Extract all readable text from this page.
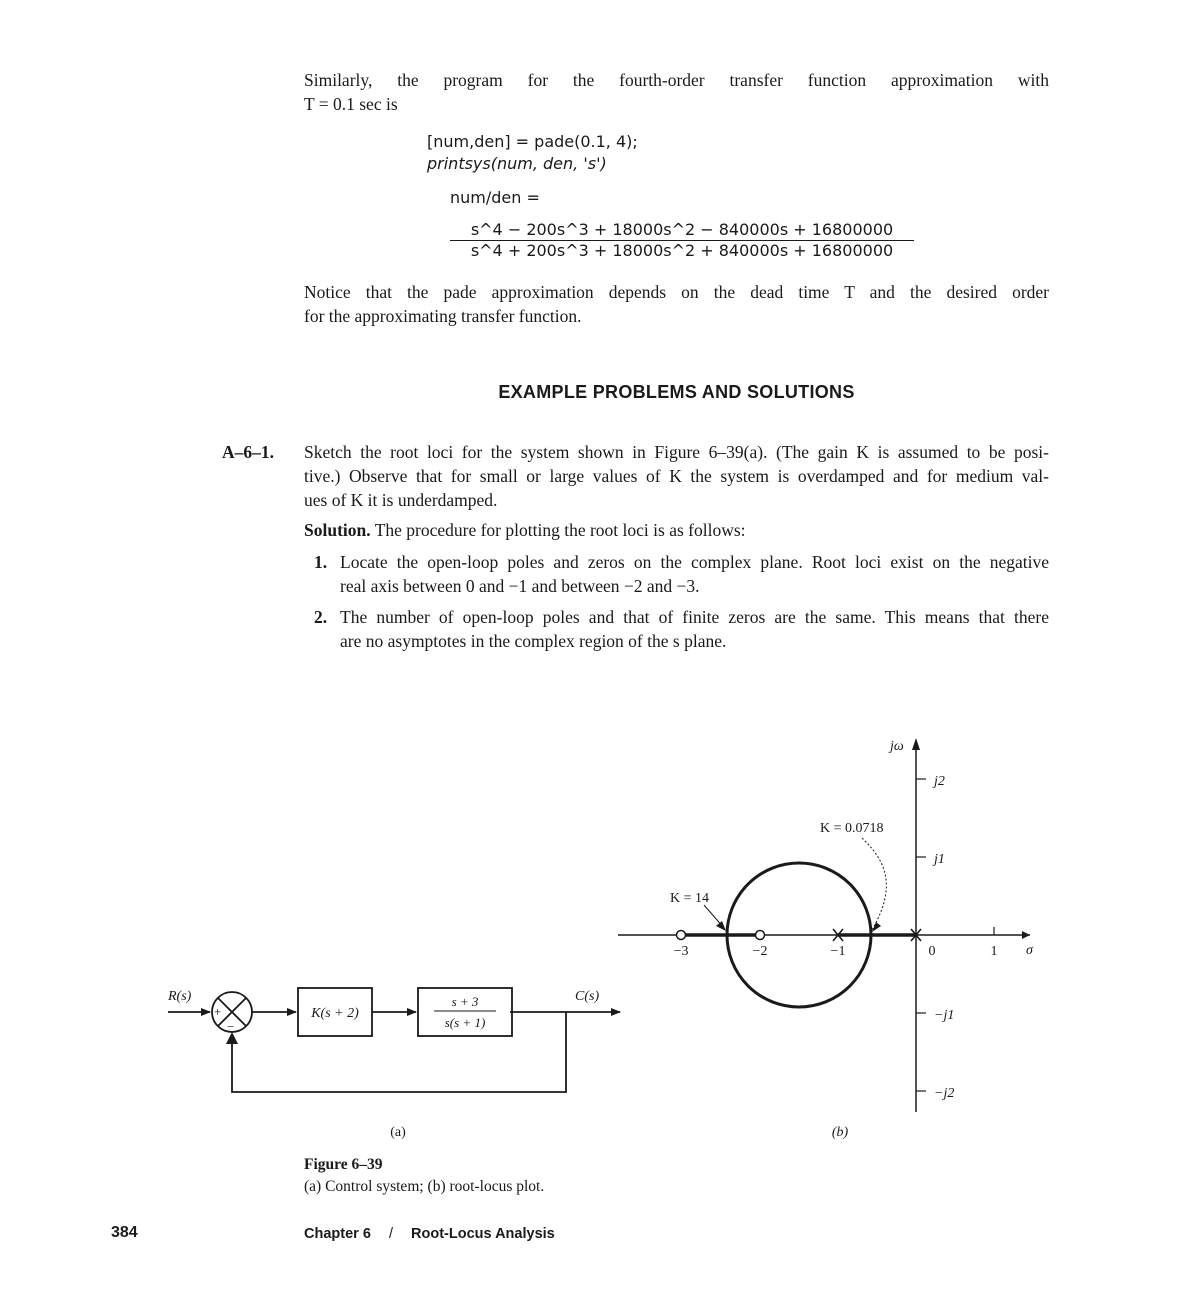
Similarly, the program for the fourth-order transfer function approximation with
T = 0.1 sec is
[num,den] = pade(0.1, 4);
printsys(num, den, 's')
num/den =
$\frac{s\^{}4 - 200s\^{}3 + 18000s\^{}2 - 840000s + 16800000}{s\^{}4 + 200s\^{}3 + 18000s\^{}2 + 840000s + 16800000}$
Notice that the pade approximation depends on the dead time T and the desired order
for the approximating transfer function.
EXAMPLE PROBLEMS AND SOLUTIONS
A–6–1. Sketch the root loci for the system shown in Figure 6–39(a). (The gain K is assumed to be posi-
tive.) Observe that for small or large values of K the system is overdamped and for medium val-
ues of K it is underdamped.
Solution. The procedure for plotting the root loci is as follows:
1. Locate the open-loop poles and zeros on the complex plane. Root loci exist on the negative
real axis between 0 and −1 and between −2 and −3.
2. The number of open-loop poles and that of finite zeros are the same. This means that there
are no asymptotes in the complex region of the s plane.
R(s)	C(s)
+
−
K(s + 2)
s + 3
s(s + 1)
(a)
jω
σ
j2
j1
−j1
−j2
−3	−2	−1	0	1
K = 0.0718
K = 14
(b)
Figure 6–39
(a) Control system; (b) root-locus plot.
384	Chapter 6 / Root-Locus Analysis
